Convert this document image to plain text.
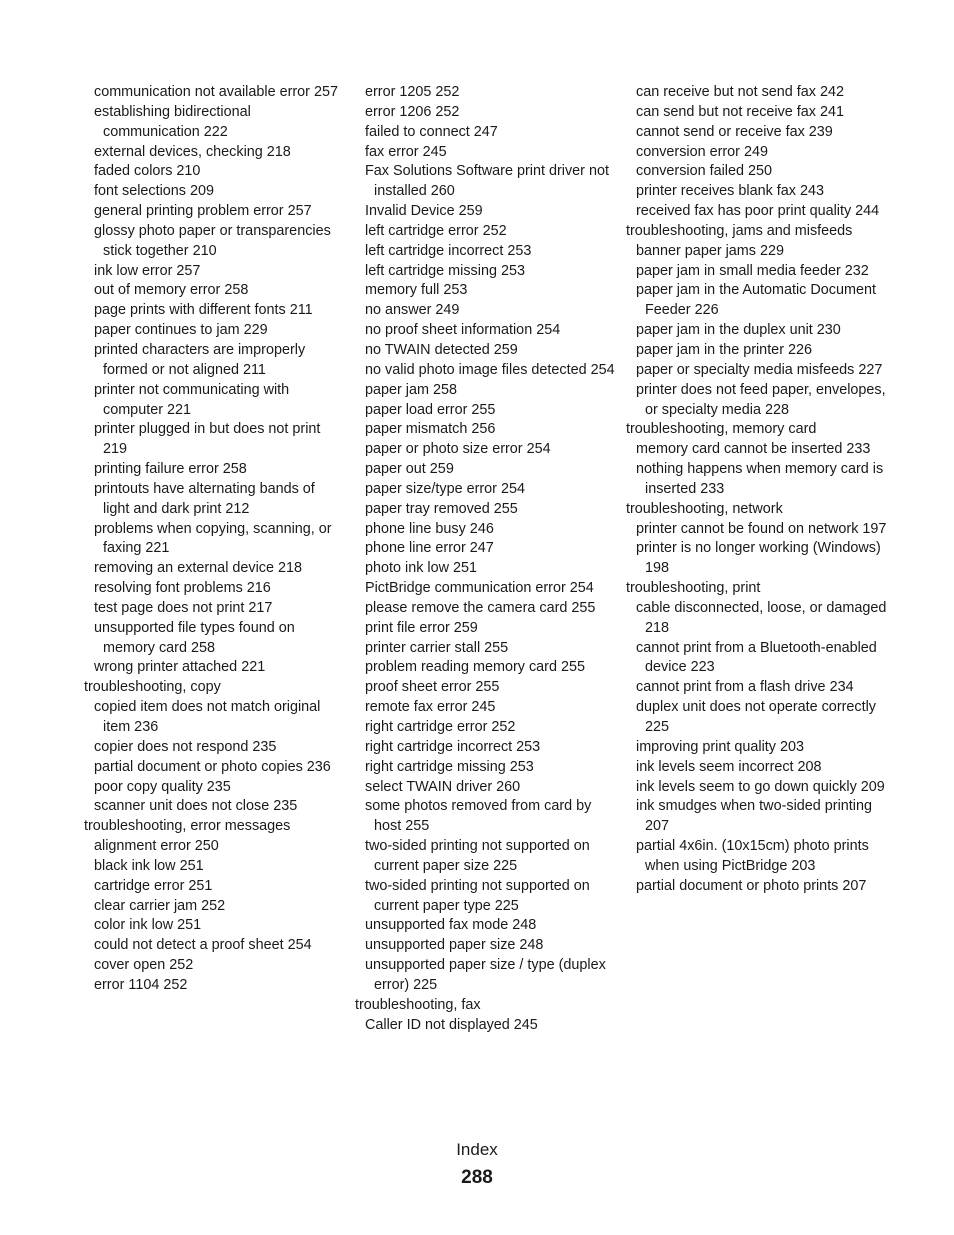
communication not available error 257
establishing bidirectional communication 222
external devices, checking 218
faded colors 210
font selections 209
general printing problem error 257
glossy photo paper or transparencies stick together 210
ink low error 257
out of memory error 258
page prints with different fonts 211
paper continues to jam 229
printed characters are improperly formed or not aligned 211
printer not communicating with computer 221
printer plugged in but does not print 219
printing failure error 258
printouts have alternating bands of light and dark print 212
problems when copying, scanning, or faxing 221
removing an external device 218
resolving font problems 216
test page does not print 217
unsupported file types found on memory card 258
wrong printer attached 221
troubleshooting, copy
copied item does not match original item 236
copier does not respond 235
partial document or photo copies 236
poor copy quality 235
scanner unit does not close 235
troubleshooting, error messages
alignment error 250
black ink low 251
cartridge error 251
clear carrier jam 252
color ink low 251
could not detect a proof sheet 254
cover open 252
error 1104 252
error 1205 252
error 1206 252
failed to connect 247
fax error 245
Fax Solutions Software print driver not installed 260
Invalid Device 259
left cartridge error 252
left cartridge incorrect 253
left cartridge missing 253
memory full 253
no answer 249
no proof sheet information 254
no TWAIN detected 259
no valid photo image files detected 254
paper jam 258
paper load error 255
paper mismatch 256
paper or photo size error 254
paper out 259
paper size/type error 254
paper tray removed 255
phone line busy 246
phone line error 247
photo ink low 251
PictBridge communication error 254
please remove the camera card 255
print file error 259
printer carrier stall 255
problem reading memory card 255
proof sheet error 255
remote fax error 245
right cartridge error 252
right cartridge incorrect 253
right cartridge missing 253
select TWAIN driver 260
some photos removed from card by host 255
two-sided printing not supported on current paper size 225
two-sided printing not supported on current paper type 225
unsupported fax mode 248
unsupported paper size 248
unsupported paper size / type (duplex error) 225
troubleshooting, fax
Caller ID not displayed 245
can receive but not send fax 242
can send but not receive fax 241
cannot send or receive fax 239
conversion error 249
conversion failed 250
printer receives blank fax 243
received fax has poor print quality 244
troubleshooting, jams and misfeeds
banner paper jams 229
paper jam in small media feeder 232
paper jam in the Automatic Document Feeder 226
paper jam in the duplex unit 230
paper jam in the printer 226
paper or specialty media misfeeds 227
printer does not feed paper, envelopes, or specialty media 228
troubleshooting, memory card
memory card cannot be inserted 233
nothing happens when memory card is inserted 233
troubleshooting, network
printer cannot be found on network 197
printer is no longer working (Windows) 198
troubleshooting, print
cable disconnected, loose, or damaged 218
cannot print from a Bluetooth-enabled device 223
cannot print from a flash drive 234
duplex unit does not operate correctly 225
improving print quality 203
ink levels seem incorrect 208
ink levels seem to go down quickly 209
ink smudges when two-sided printing 207
partial 4x6in. (10x15cm) photo prints when using PictBridge 203
partial document or photo prints 207
Index
288
